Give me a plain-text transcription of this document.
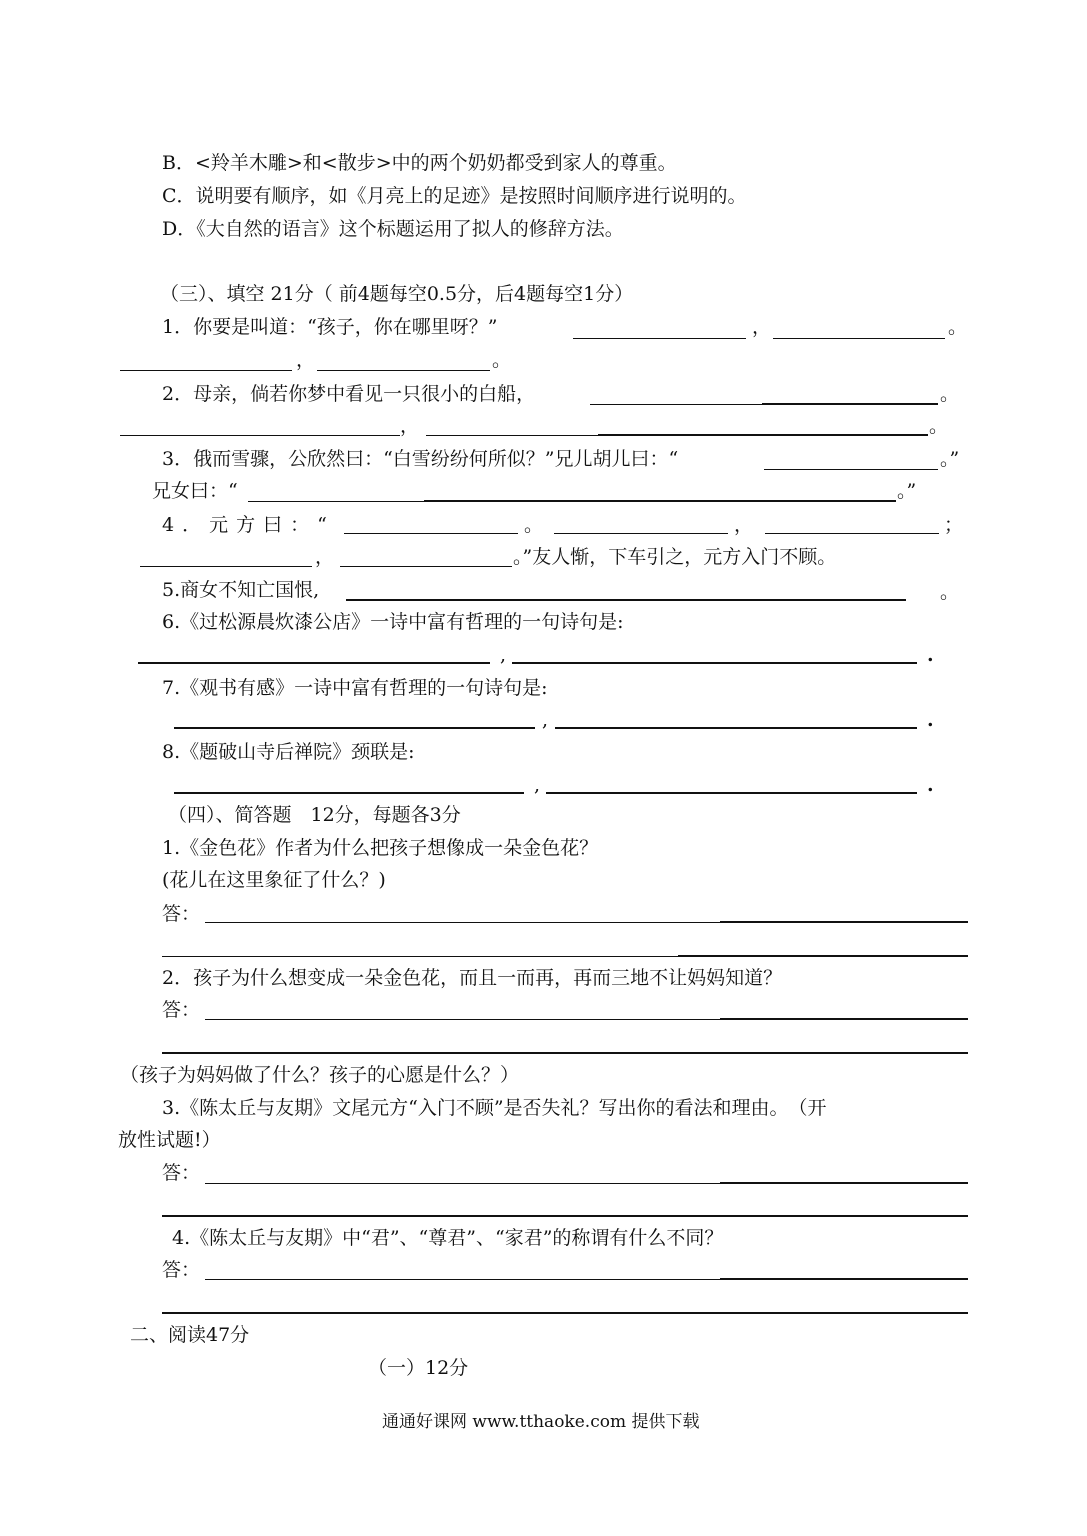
B．<羚羊木雕>和<散步>中的两个奶奶都受到家人的尊重。
C．说明要有顺序，如《月亮上的足迹》是按照时间顺序进行说明的。
D．《大自然的语言》这个标题运用了拟人的修辞方法。
（三）、填空 21分（ 前4题每空0.5分，后4题每空1分）
1．你要是叫道：“孩子，你在哪里呀？”	，	。
，	。
2．母亲，倘若你梦中看见一只很小的白船，	。
，	。
3．俄而雪骤，公欣然曰：“白雪纷纷何所似？”兄儿胡儿曰：“	。”
兄女曰：“	。”
4．元方曰：“	。	，	；
，	。”友人惭，下车引之，元方入门不顾。
5.商女不知亡国恨,	。
6.《过松源晨炊漆公店》一诗中富有哲理的一句诗句是:
,	.
7.《观书有感》一诗中富有哲理的一句诗句是:
,	.
8.《题破山寺后禅院》颈联是:
,	.
（四）、简答题　12分，每题各3分
1.《金色花》作者为什么把孩子想像成一朵金色花？
(花儿在这里象征了什么？)
答：
2．孩子为什么想变成一朵金色花，而且一而再，再而三地不让妈妈知道？
答：
（孩子为妈妈做了什么？孩子的心愿是什么？）
3.《陈太丘与友期》文尾元方“入门不顾”是否失礼？写出你的看法和理由。　（开
放性试题!）
答：
4.《陈太丘与友期》中“君”、“尊君”、“家君”的称谓有什么不同？
答：
二、阅读47分
（一）12分
通通好课网 www.tthaoke.com 提供下载
